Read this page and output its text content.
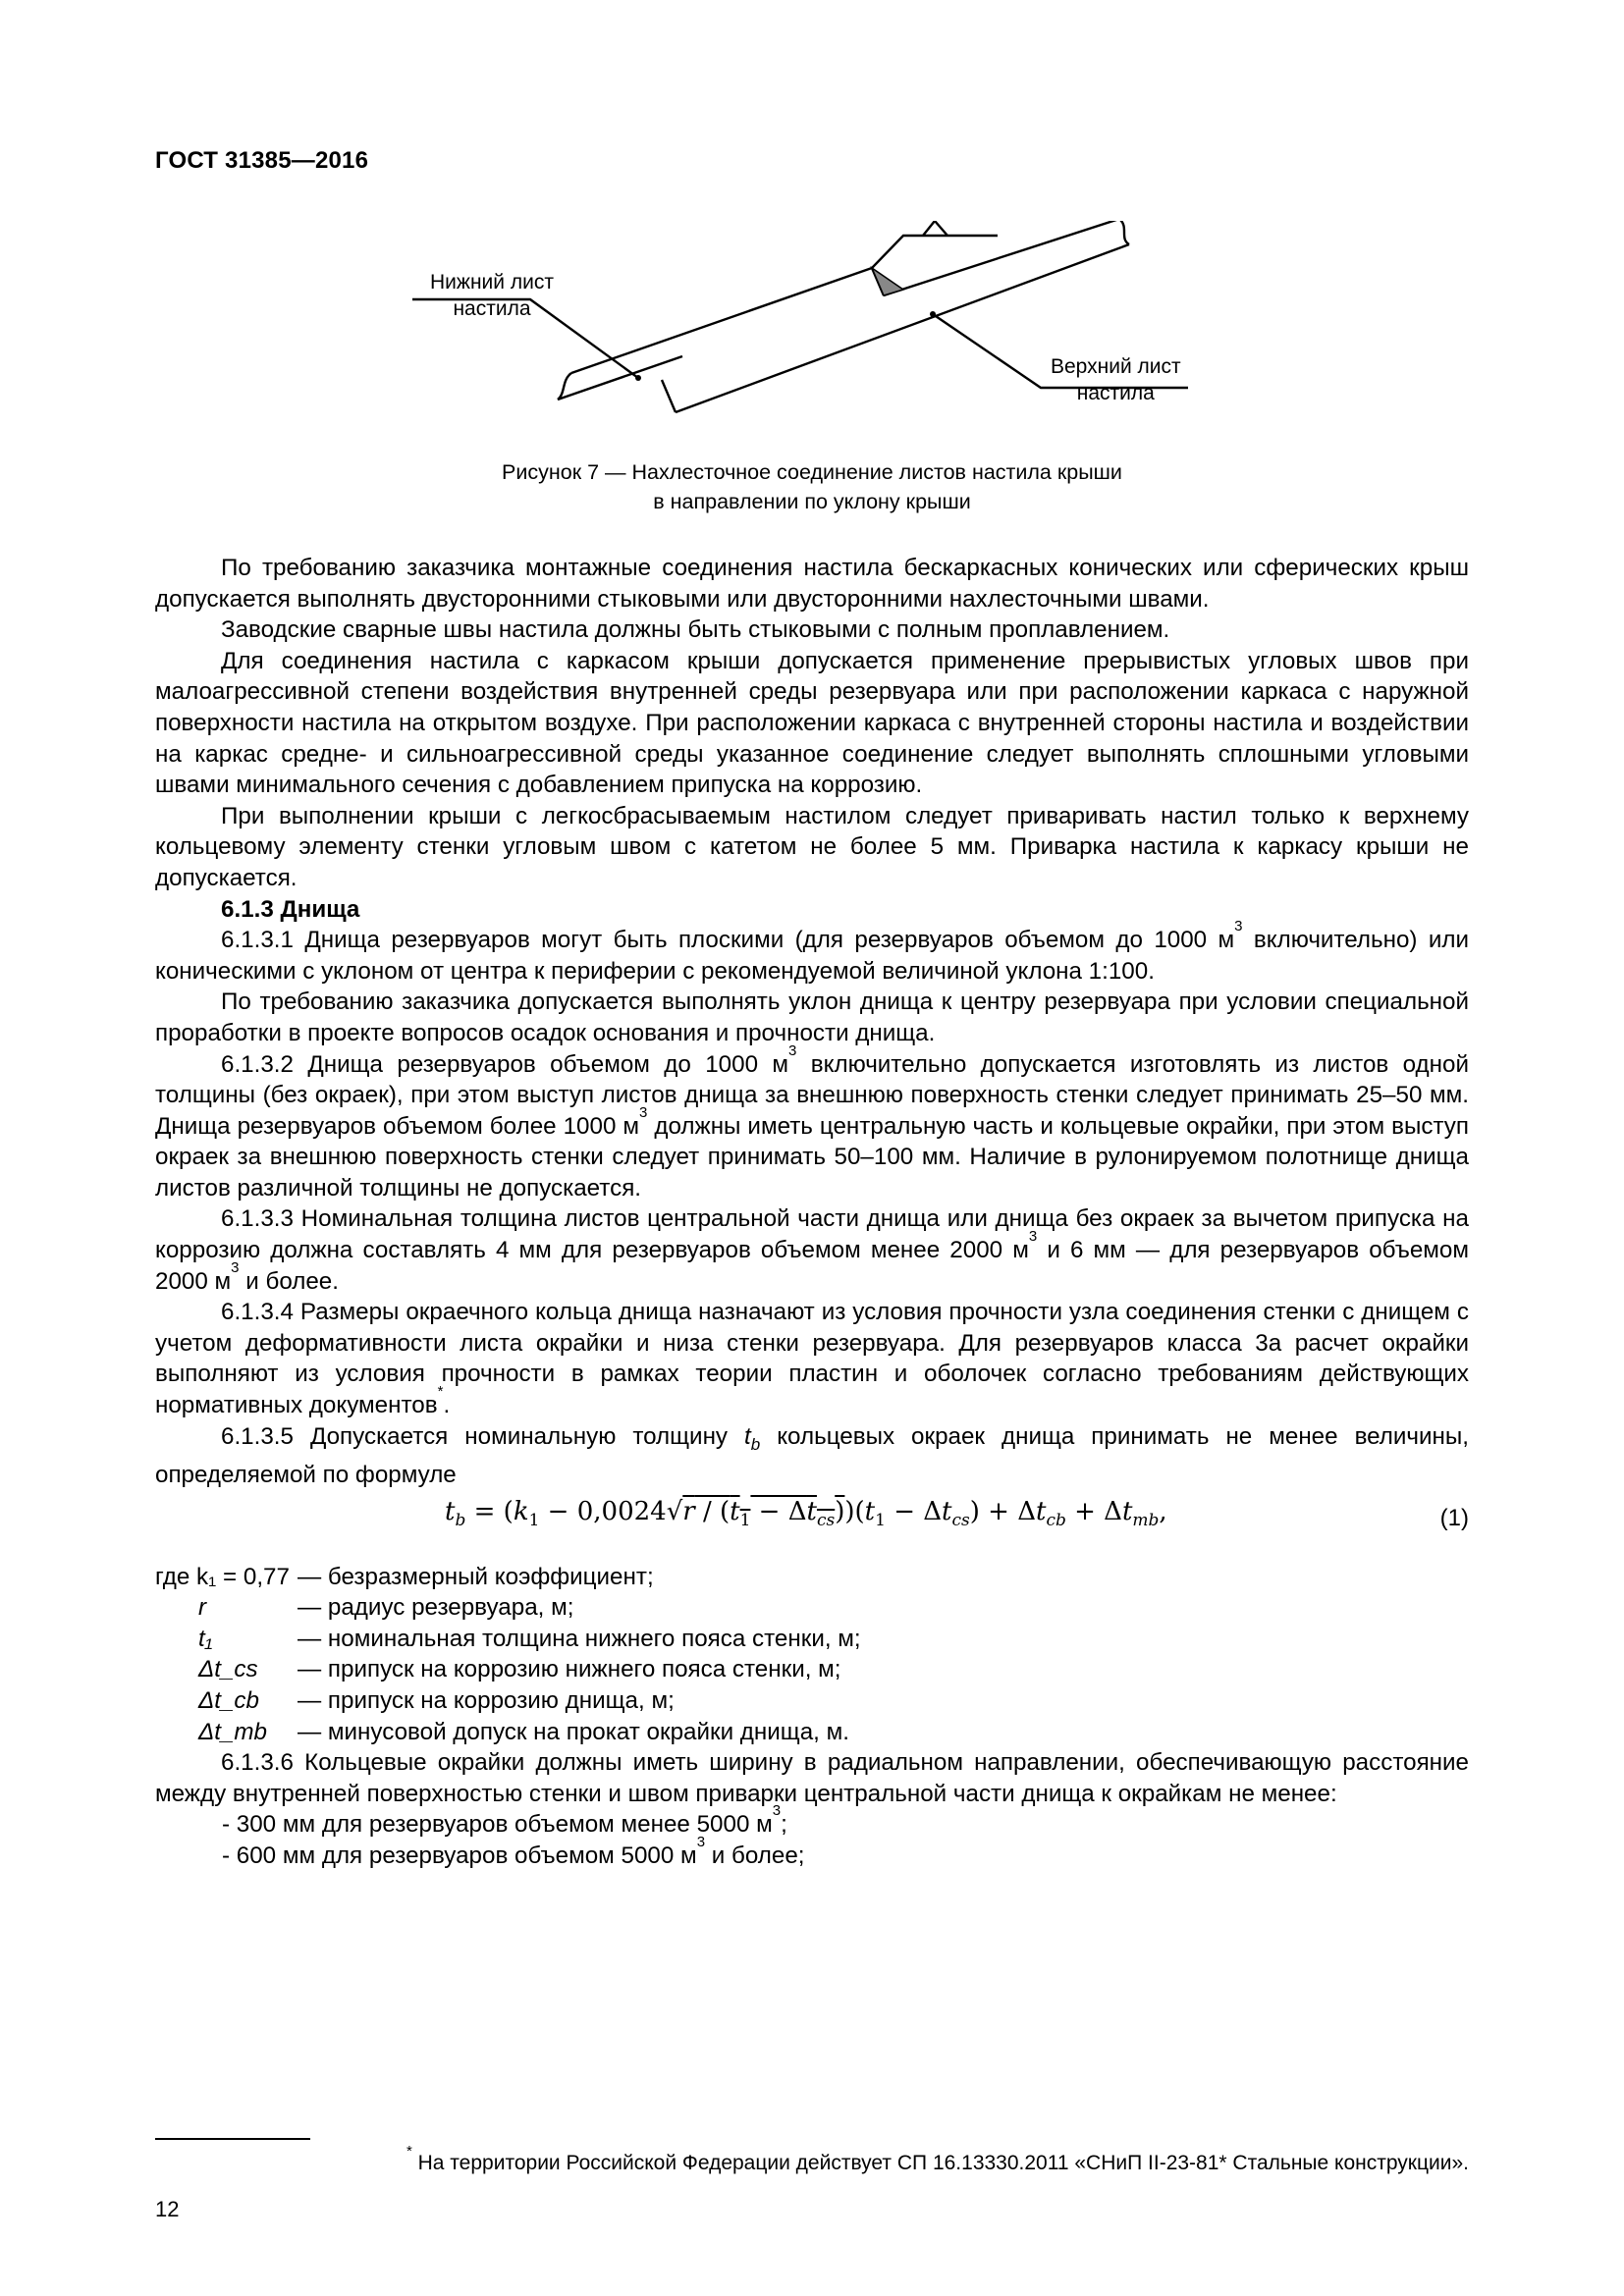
ГОСТ 31385—2016
Нижний лист
настила
Верхний лист
настила
Рисунок 7 — Нахлесточное соединение листов настила крыши
в направлении по уклону крыши

По требованию заказчика монтажные соединения настила бескаркасных конических или сферических крыш допускается выполнять двусторонними стыковыми или двусторонними нахлесточными швами.

Заводские сварные швы настила должны быть стыковыми с полным проплавлением.

Для соединения настила с каркасом крыши допускается применение прерывистых угловых швов при малоагрессивной степени воздействия внутренней среды резервуара или при расположении каркаса с наружной поверхности настила на открытом воздухе. При расположении каркаса с внутренней стороны настила и воздействии на каркас средне- и сильноагрессивной среды указанное соединение следует выполнять сплошными угловыми швами минимального сечения с добавлением припуска на коррозию.

При выполнении крыши с легкосбрасываемым настилом следует приваривать настил только к верхнему кольцевому элементу стенки угловым швом с катетом не более 5 мм. Приварка настила к каркасу крыши не допускается.

6.1.3 Днища

6.1.3.1 Днища резервуаров могут быть плоскими (для резервуаров объемом до 1000 $м^3$ включительно) или коническими с уклоном от центра к периферии с рекомендуемой величиной уклона 1:100.

По требованию заказчика допускается выполнять уклон днища к центру резервуара при условии специальной проработки в проекте вопросов осадок основания и прочности днища.

6.1.3.2 Днища резервуаров объемом до 1000 $м^3$ включительно допускается изготовлять из листов одной толщины (без окраек), при этом выступ листов днища за внешнюю поверхность стенки следует принимать 25–50 мм. Днища резервуаров объемом более 1000 $м^3$ должны иметь центральную часть и кольцевые окрайки, при этом выступ окраек за внешнюю поверхность стенки следует принимать 50–100 мм. Наличие в рулонируемом полотнище днища листов различной толщины не допускается.

6.1.3.3 Номинальная толщина листов центральной части днища или днища без окраек за вычетом припуска на коррозию должна составлять 4 мм для резервуаров объемом менее 2000 $м^3$ и 6 мм — для резервуаров объемом 2000 $м^3$ и более.

6.1.3.4 Размеры окраечного кольца днища назначают из условия прочности узла соединения стенки с днищем с учетом деформативности листа окрайки и низа стенки резервуара. Для резервуаров класса 3а расчет окрайки выполняют из условия прочности в рамках теории пластин и оболочек согласно требованиям действующих нормативных документов*.

6.1.3.5 Допускается номинальную толщину $t_b$ кольцевых окраек днища принимать не менее величины, определяемой по формуле

$t_b = (k_1 - 0,0024√r / (t_1 - \Delta t_{cs}))(t_1 - \Delta t_{cs}) + \Delta t_{cb} + \Delta t_{mb}$,	(1)
где k₁ = 0,77 — безразмерный коэффициент;
r	— радиус резервуара, м;
t₁	— номинальная толщина нижнего пояса стенки, м;
Δt_cs	— припуск на коррозию нижнего пояса стенки, м;
Δt_cb	— припуск на коррозию днища, м;
Δt_mb	— минусовой допуск на прокат окрайки днища, м.

6.1.3.6 Кольцевые окрайки должны иметь ширину в радиальном направлении, обеспечивающую расстояние между внутренней поверхностью стенки и швом приварки центральной части днища к окрайкам не менее:

- 300 мм для резервуаров объемом менее 5000 $м^3$;

- 600 мм для резервуаров объемом 5000 $м^3$ и более;

* На территории Российской Федерации действует СП 16.13330.2011 «СНиП II-23-81* Стальные конструкции».
12
